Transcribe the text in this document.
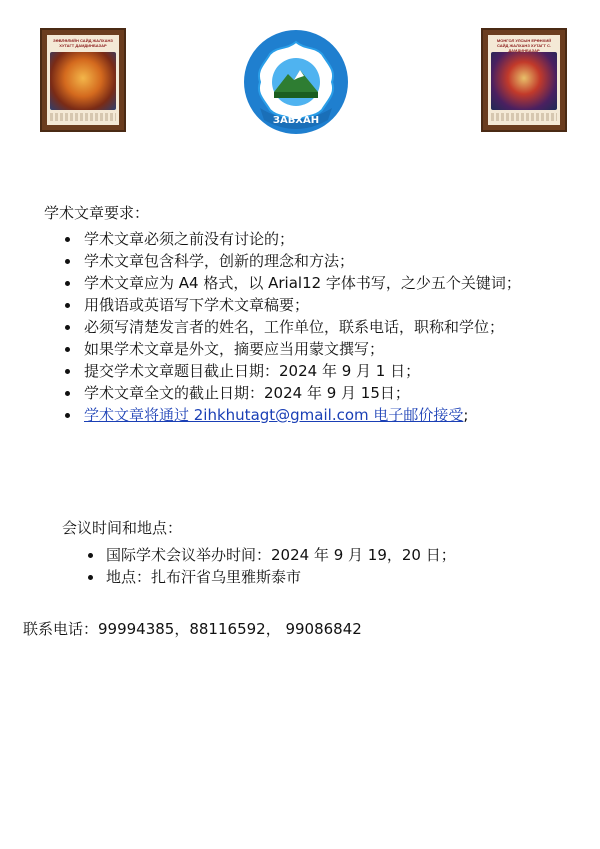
ЗӨВЛӨЛИЙН САЙД ЖАЛХАНЗ ХУТАГТ ДАМДИНБАЗАР
ЗАВХАН
МОНГОЛ УЛСЫН ЕРӨНХИЙ САЙД ЖАЛХАНЗ ХУТАГТ С. ДАМДИНБАЗАР
学术文章要求：
学术文章必须之前没有讨论的；
学术文章包含科学，创新的理念和方法；
学术文章应为 A4 格式，以 Arial12 字体书写，之少五个关键词；
用俄语或英语写下学术文章稿要；
必须写清楚发言者的姓名，工作单位，联系电话，职称和学位；
如果学术文章是外文，摘要应当用蒙文撰写；
提交学术文章题目截止日期：2024 年 9 月 1 日；
学术文章全文的截止日期：2024 年 9 月 15日；
学术文章将通过 2ihkhutagt@gmail.com 电子邮价接受;
会议时间和地点：
国际学术会议举办时间：2024 年 9 月 19，20 日；
地点：扎布汗省乌里雅斯泰市
联系电话：99994385，88116592， 99086842
